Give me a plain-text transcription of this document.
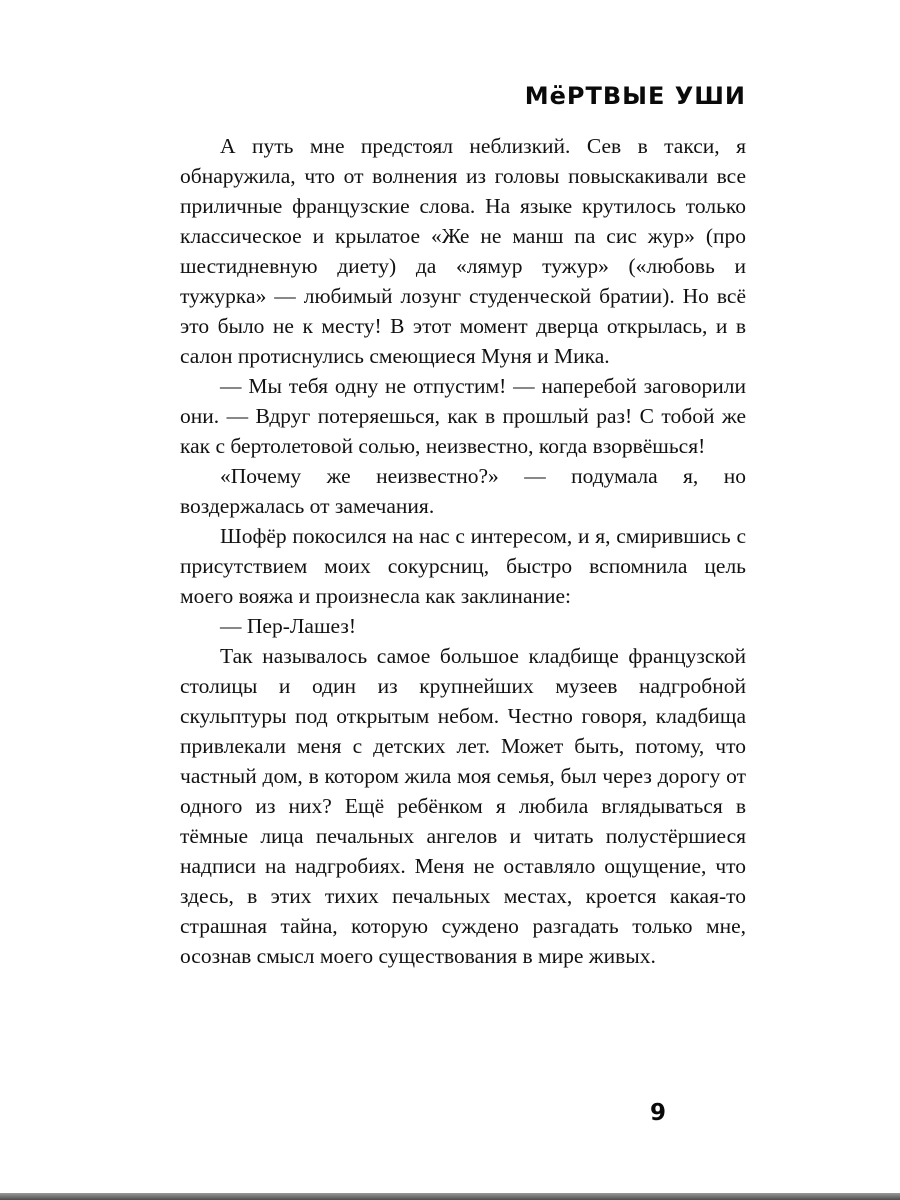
МёРТВЫЕ УШИ

А путь мне предстоял неблизкий. Сев в такси, я обнаружила, что от волнения из головы повыскакивали все приличные французские слова. На языке крутилось только классическое и крылатое «Же не манш па сис жур» (про шестидневную диету) да «лямур тужур» («любовь и тужурка» — любимый лозунг студенческой братии). Но всё это было не к месту! В этот момент дверца открылась, и в салон протиснулись смеющиеся Муня и Мика.

— Мы тебя одну не отпустим! — наперебой заговорили они. — Вдруг потеряешься, как в прошлый раз! С тобой же как с бертолетовой солью, неизвестно, когда взорвёшься!

«Почему же неизвестно?» — подумала я, но воздержалась от замечания.

Шофёр покосился на нас с интересом, и я, смирившись с присутствием моих сокурсниц, быстро вспомнила цель моего вояжа и произнесла как заклинание:

— Пер-Лашез!

Так называлось самое большое кладбище французской столицы и один из крупнейших музеев надгробной скульптуры под открытым небом. Честно говоря, кладбища привлекали меня с детских лет. Может быть, потому, что частный дом, в котором жила моя семья, был через дорогу от одного из них? Ещё ребёнком я любила вглядываться в тёмные лица печальных ангелов и читать полустёршиеся надписи на надгробиях. Меня не оставляло ощущение, что здесь, в этих тихих печальных местах, кроется какая-то страшная тайна, которую суждено разгадать только мне, осознав смысл моего существования в мире живых.

9
